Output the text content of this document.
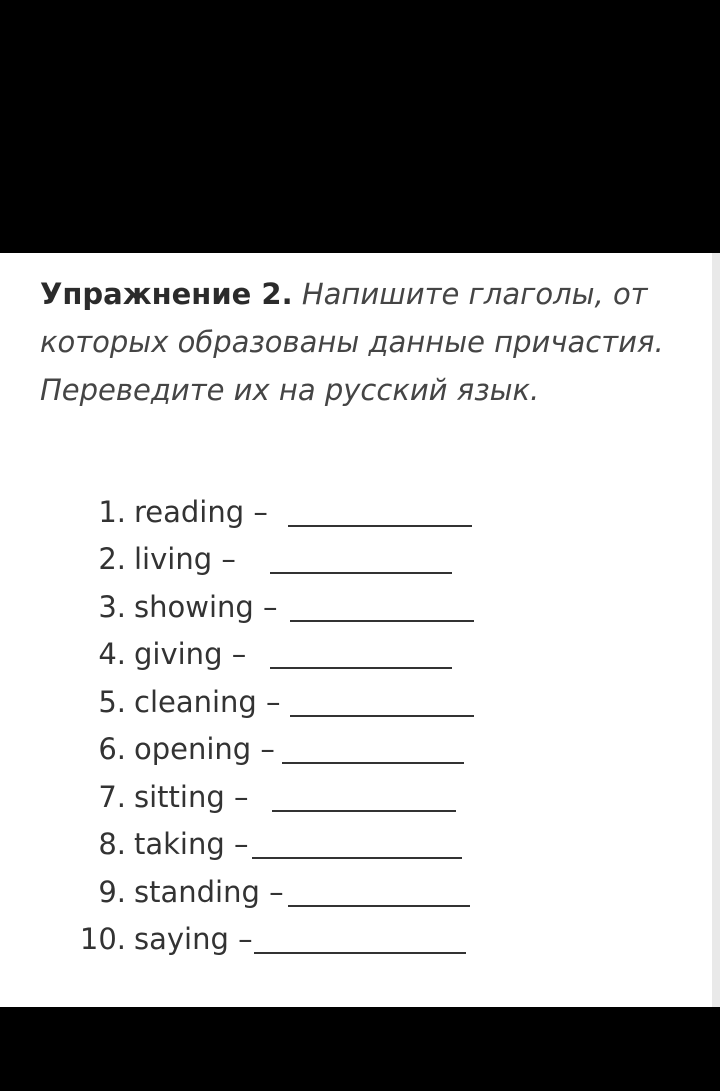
Упражнение 2. Напишите глаголы, от которых образованы данные причастия. Переведите их на русский язык.
1. reading –
2. living –
3. showing –
4. giving –
5. cleaning –
6. opening –
7. sitting –
8. taking –
9. standing –
10. saying –
